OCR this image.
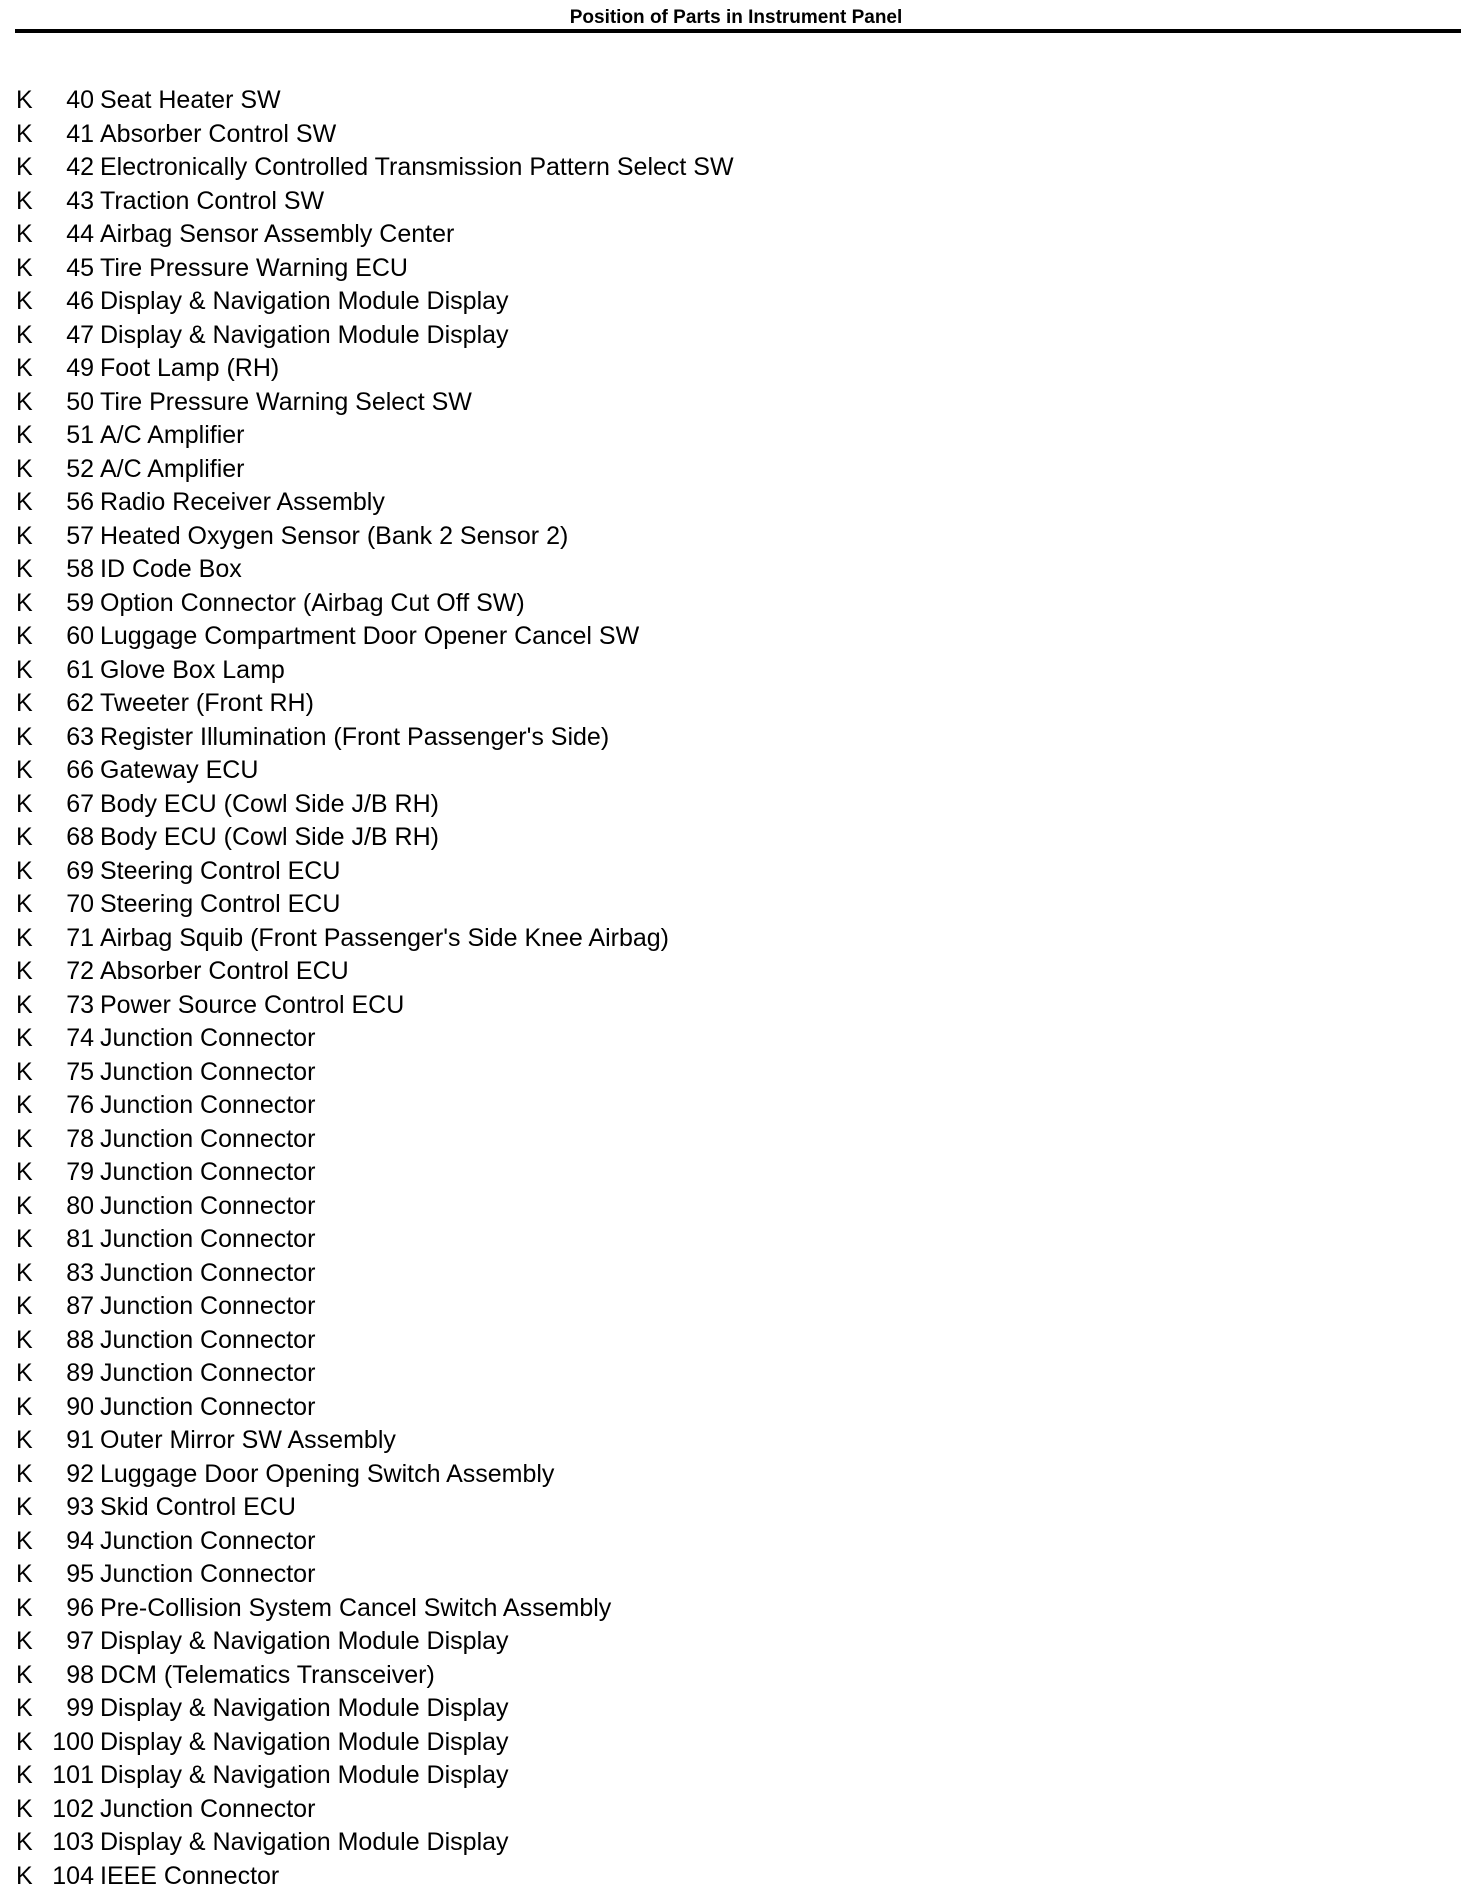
Position of Parts in Instrument Panel
K	40 Seat Heater SW
K	41 Absorber Control SW
K	42 Electronically Controlled Transmission Pattern Select SW
K	43 Traction Control SW
K	44 Airbag Sensor Assembly Center
K	45 Tire Pressure Warning ECU
K	46 Display & Navigation Module Display
K	47 Display & Navigation Module Display
K	49 Foot Lamp (RH)
K	50 Tire Pressure Warning Select SW
K	51 A/C Amplifier
K	52 A/C Amplifier
K	56 Radio Receiver Assembly
K	57 Heated Oxygen Sensor (Bank 2 Sensor 2)
K	58 ID Code Box
K	59 Option Connector (Airbag Cut Off SW)
K	60 Luggage Compartment Door Opener Cancel SW
K	61 Glove Box Lamp
K	62 Tweeter (Front RH)
K	63 Register Illumination (Front Passenger's Side)
K	66 Gateway ECU
K	67 Body ECU (Cowl Side J/B RH)
K	68 Body ECU (Cowl Side J/B RH)
K	69 Steering Control ECU
K	70 Steering Control ECU
K	71 Airbag Squib (Front Passenger's Side Knee Airbag)
K	72 Absorber Control ECU
K	73 Power Source Control ECU
K	74 Junction Connector
K	75 Junction Connector
K	76 Junction Connector
K	78 Junction Connector
K	79 Junction Connector
K	80 Junction Connector
K	81 Junction Connector
K	83 Junction Connector
K	87 Junction Connector
K	88 Junction Connector
K	89 Junction Connector
K	90 Junction Connector
K	91 Outer Mirror SW Assembly
K	92 Luggage Door Opening Switch Assembly
K	93 Skid Control ECU
K	94 Junction Connector
K	95 Junction Connector
K	96 Pre-Collision System Cancel Switch Assembly
K	97 Display & Navigation Module Display
K	98 DCM (Telematics Transceiver)
K	99 Display & Navigation Module Display
K 100 Display & Navigation Module Display
K 101 Display & Navigation Module Display
K 102 Junction Connector
K 103 Display & Navigation Module Display
K 104 IEEE Connector
